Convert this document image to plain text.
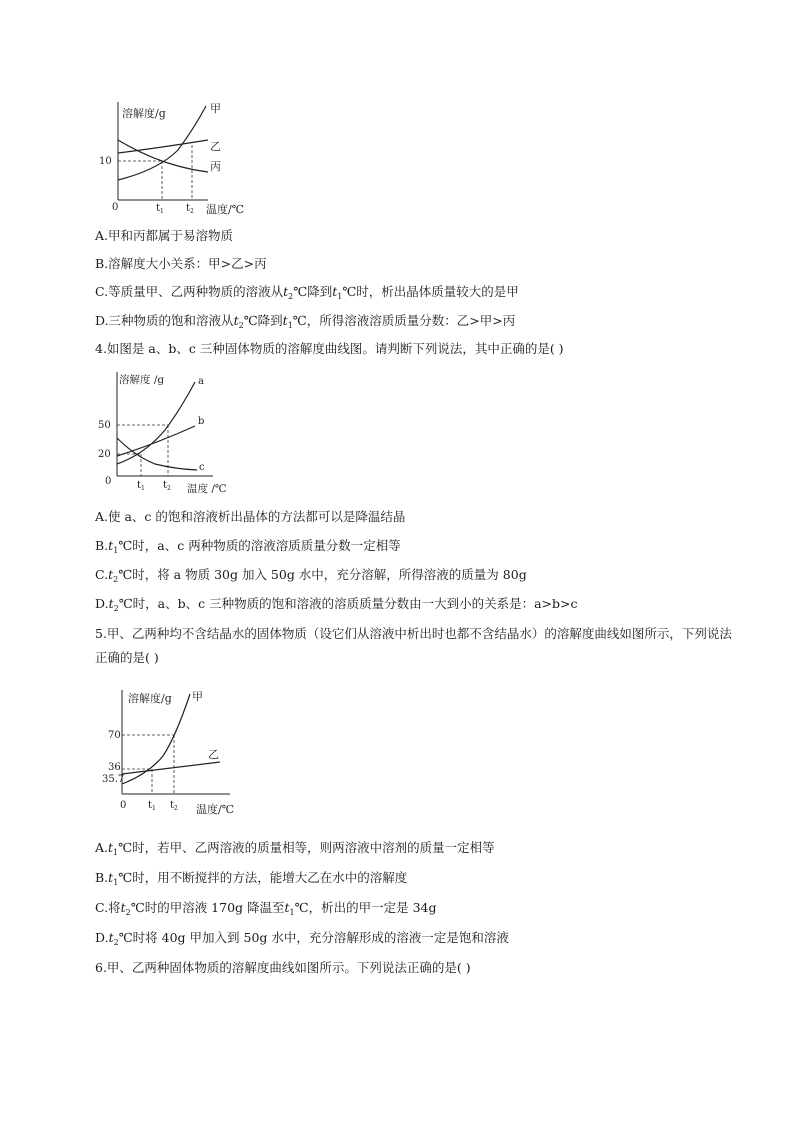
溶解度/g
温度/℃
0
10
$t_1$ $t_2$
甲
乙
丙
A.甲和丙都属于易溶物质
B.溶解度大小关系：甲>乙>丙
C.等质量甲、乙两种物质的溶液从$t_2℃$降到$t_1℃$时，析出晶体质量较大的是甲
D.三种物质的饱和溶液从$t_2℃$降到$t_1℃$，所得溶液溶质质量分数：乙>甲>丙
4.如图是 a、b、c 三种固体物质的溶解度曲线图。请判断下列说法，其中正确的是( )
溶解度 /g
温度 /℃
0
50
20
$t_1$ $t_2$
a
b
c
A.使 a、c 的饱和溶液析出晶体的方法都可以是降温结晶
$B.t_1℃$时，a、c 两种物质的溶液溶质质量分数一定相等
$C.t_2℃$时，将 a 物质 30g 加入 50g 水中，充分溶解，所得溶液的质量为 80g
$D.t_2℃$时，a、b、c 三种物质的饱和溶液的溶质质量分数由一大到小的关系是：a>b>c
5.甲、乙两种均不含结晶水的固体物质（设它们从溶液中析出时也都不含结晶水）的溶解度曲线如图所示，下列说法正确的是( )
溶解度/g
温度/℃
0
70
36
35.7
$t_1$ $t_2$
甲
乙
$A.t_1℃$时，若甲、乙两溶液的质量相等，则两溶液中溶剂的质量一定相等
$B.t_1℃$时，用不断搅拌的方法，能增大乙在水中的溶解度
C.将$t_2℃$时的甲溶液 170g 降温至$t_1℃$，析出的甲一定是 34g
$D.t_2℃$时将 40g 甲加入到 50g 水中，充分溶解形成的溶液一定是饱和溶液
6.甲、乙两种固体物质的溶解度曲线如图所示。下列说法正确的是( )
